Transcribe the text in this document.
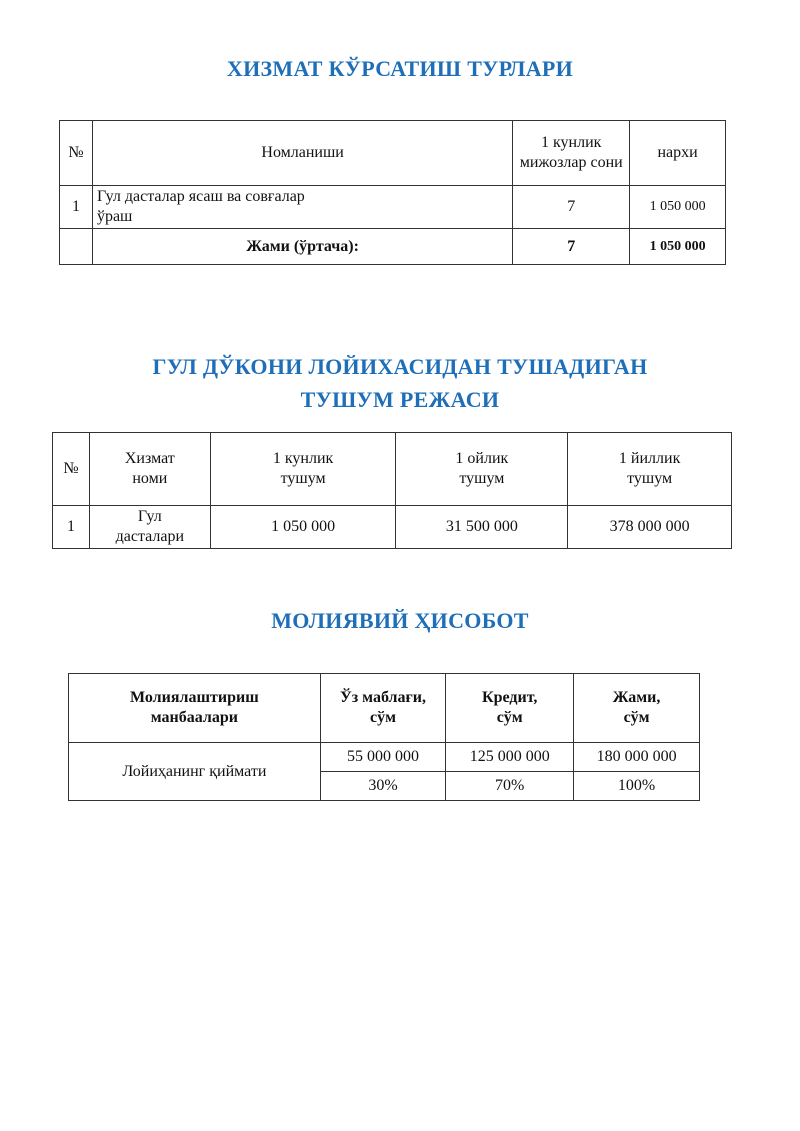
ХИЗМАТ КЎРСАТИШ ТУРЛАРИ
№	Номланиши	1 кунлик мижозлар сони	нархи
1	Гул дасталар ясаш ва совғалар ўраш	7	1 050 000
	Жами (ўртача):	7	1 050 000
ГУЛ ДЎКОНИ ЛОЙИХАСИДАН ТУШАДИГАН ТУШУМ РЕЖАСИ
№	Хизмат номи	1 кунлик тушум	1 ойлик тушум	1 йиллик тушум
1	Гул дасталари	1 050 000	31 500 000	378 000 000
МОЛИЯВИЙ ҲИСОБОТ
Молиялаштириш манбаалари	Ўз маблағи, сўм	Кредит, сўм	Жами, сўм
Лойиҳанинг қиймати	55 000 000	125 000 000	180 000 000
	30%	70%	100%
